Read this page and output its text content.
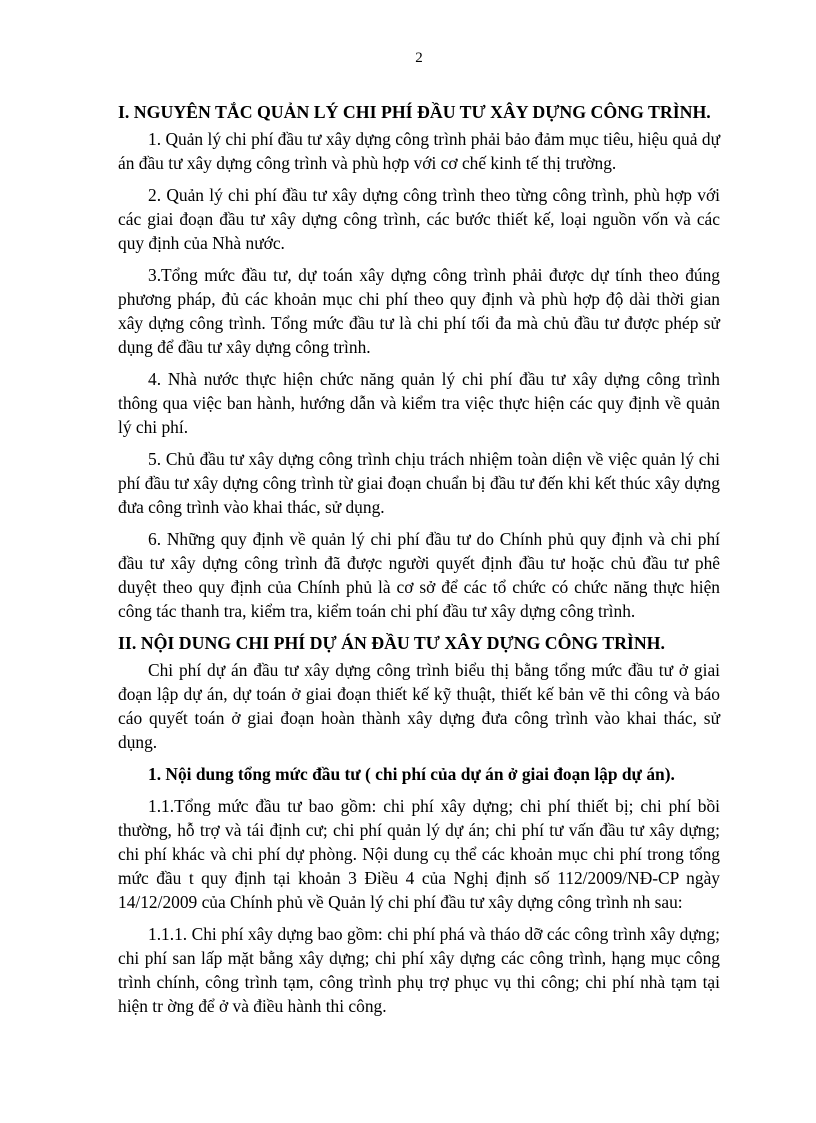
2
I. NGUYÊN TẮC QUẢN LÝ CHI PHÍ ĐẦU TƯ XÂY DỰNG CÔNG TRÌNH.

1. Quản lý chi phí đầu tư xây dựng công trình phải bảo đảm mục tiêu, hiệu quả dự án đầu tư xây dựng công trình và phù hợp với cơ chế kinh tế thị trường.

2. Quản lý chi phí đầu tư xây dựng công trình theo từng công trình, phù hợp với các giai đoạn đầu tư xây dựng công trình, các bước thiết kế, loại nguồn vốn và các quy định của Nhà nước.

3.Tổng mức đầu tư, dự toán xây dựng công trình phải được dự tính theo đúng phương pháp, đủ các khoản mục chi phí theo quy định và phù hợp độ dài thời gian xây dựng công trình. Tổng mức đầu tư là chi phí tối đa mà chủ đầu tư được phép sử dụng để đầu tư xây dựng công trình.

4. Nhà nước thực hiện chức năng quản lý chi phí đầu tư xây dựng công trình thông qua việc ban hành, hướng dẫn và kiểm tra việc thực hiện các quy định về quản lý chi phí.

5. Chủ đầu tư xây dựng công trình chịu trách nhiệm toàn diện về việc quản lý chi phí đầu tư xây dựng công trình từ giai đoạn chuẩn bị đầu tư đến khi kết thúc xây dựng đưa công trình vào khai thác, sử dụng.

6. Những quy định về quản lý chi phí đầu tư do Chính phủ quy định và chi phí đầu tư xây dựng công trình đã được người quyết định đầu tư hoặc chủ đầu tư phê duyệt theo quy định của Chính phủ là cơ sở để các tổ chức có chức năng thực hiện công tác thanh tra, kiểm tra, kiểm toán chi phí đầu tư xây dựng công trình.

II. NỘI DUNG CHI PHÍ DỰ ÁN ĐẦU TƯ XÂY DỰNG CÔNG TRÌNH.

Chi phí dự án đầu tư xây dựng công trình biểu thị bằng tổng mức đầu tư ở giai đoạn lập dự án, dự toán ở giai đoạn thiết kế kỹ thuật, thiết kế bản vẽ thi công và báo cáo quyết toán ở giai đoạn hoàn thành xây dựng đưa công trình vào khai thác, sử dụng.

1. Nội dung tổng mức đầu tư ( chi phí của dự án ở giai đoạn lập dự án).

1.1.Tổng mức đầu tư bao gồm: chi phí xây dựng; chi phí thiết bị; chi phí bồi thường, hỗ trợ và tái định cư; chi phí quản lý dự án; chi phí tư vấn đầu tư xây dựng; chi phí khác và chi phí dự phòng. Nội dung cụ thể các khoản mục chi phí trong tổng mức đầu t quy định tại khoản 3 Điều 4 của Nghị định số 112/2009/NĐ-CP ngày 14/12/2009 của Chính phủ về Quản lý chi phí đầu tư xây dựng công trình nh sau:

1.1.1. Chi phí xây dựng bao gồm: chi phí phá và tháo dỡ các công trình xây dựng; chi phí san lấp mặt bằng xây dựng; chi phí xây dựng các công trình, hạng mục công trình chính, công trình tạm, công trình phụ trợ phục vụ thi công; chi phí nhà tạm tại hiện tr ờng để ở và điều hành thi công.
